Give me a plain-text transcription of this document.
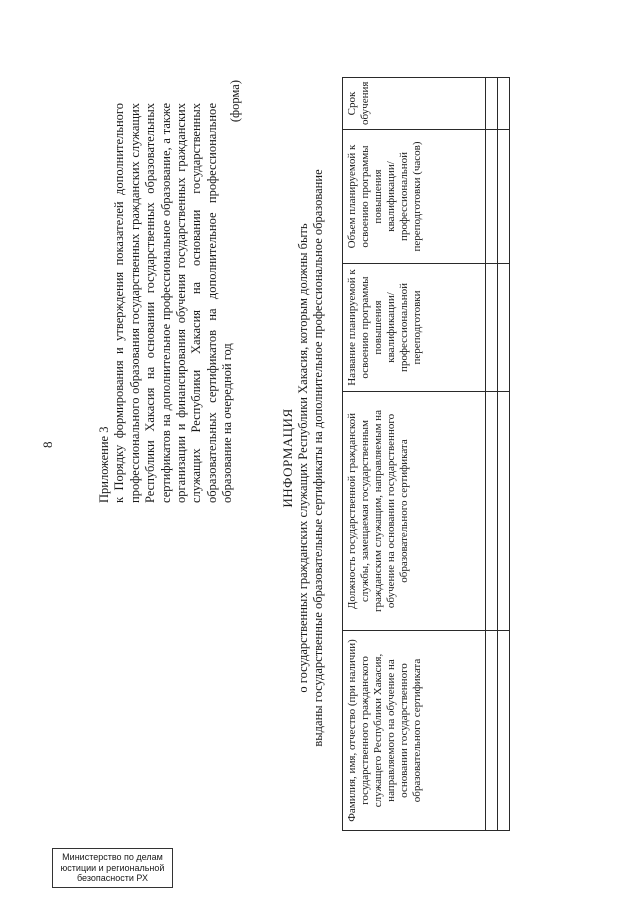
8	Приложение 3 к Порядку формирования и утверждения показателей дополнительного профессионального образования государственных гражданских служащих Республики Хакасия на основании государственных образовательных сертификатов на дополнительное профессиональное образование, а также организации и финансирования обучения государственных гражданских служащих Республики Хакасия на основании государственных образовательных сертификатов на дополнительное профессиональное образование на очередной год
(форма)
ИНФОРМАЦИЯ о государственных гражданских служащих Республики Хакасия, которым должны быть выданы государственные образовательные сертификаты на дополнительное профессиональное образование Фамилия, имя, отчество (при наличии) государственного гражданского служащего Республики Хакасия, направляемого на обучение на основании государственного образовательного сертификата	Должность государственной гражданской службы, замещаемая государственным гражданским служащим, направляемым на обучение на основании государственного образовательного сертификата	Название планируемой к освоению программы повышения квалификации/ профессиональной переподготовки	Объем планируемой к освоению программы повышения квалификации/ профессиональной переподготовки (часов)	Срок обучения

Министерство по делам
юстиции и региональной
безопасности РХ
